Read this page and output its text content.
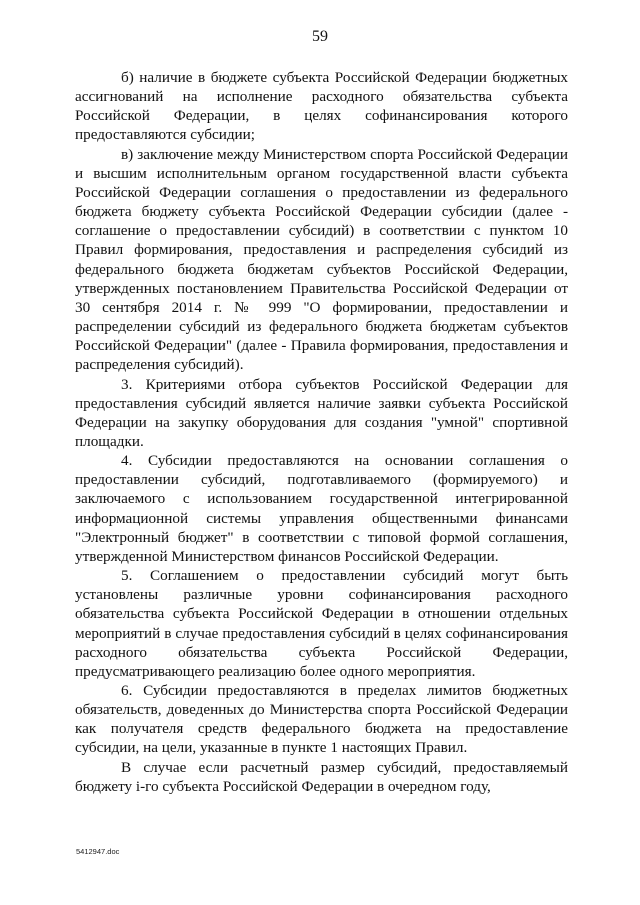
59

б) наличие в бюджете субъекта Российской Федерации бюджетных ассигнований на исполнение расходного обязательства субъекта Российской Федерации, в целях софинансирования которого предоставляются субсидии;

в) заключение между Министерством спорта Российской Федерации и высшим исполнительным органом государственной власти субъекта Российской Федерации соглашения о предоставлении из федерального бюджета бюджету субъекта Российской Федерации субсидии (далее - соглашение о предоставлении субсидий) в соответствии с пунктом 10 Правил формирования, предоставления и распределения субсидий из федерального бюджета бюджетам субъектов Российской Федерации, утвержденных постановлением Правительства Российской Федерации от 30 сентября 2014 г. № 999 "О формировании, предоставлении и распределении субсидий из федерального бюджета бюджетам субъектов Российской Федерации" (далее - Правила формирования, предоставления и распределения субсидий).

3. Критериями отбора субъектов Российской Федерации для предоставления субсидий является наличие заявки субъекта Российской Федерации на закупку оборудования для создания "умной" спортивной площадки.

4. Субсидии предоставляются на основании соглашения о предоставлении субсидий, подготавливаемого (формируемого) и заключаемого с использованием государственной интегрированной информационной системы управления общественными финансами "Электронный бюджет" в соответствии с типовой формой соглашения, утвержденной Министерством финансов Российской Федерации.

5. Соглашением о предоставлении субсидий могут быть установлены различные уровни софинансирования расходного обязательства субъекта Российской Федерации в отношении отдельных мероприятий в случае предоставления субсидий в целях софинансирования расходного обязательства субъекта Российской Федерации, предусматривающего реализацию более одного мероприятия.

6. Субсидии предоставляются в пределах лимитов бюджетных обязательств, доведенных до Министерства спорта Российской Федерации как получателя средств федерального бюджета на предоставление субсидии, на цели, указанные в пункте 1 настоящих Правил.

В случае если расчетный размер субсидий, предоставляемый бюджету i-го субъекта Российской Федерации в очередном году,

5412947.doc
